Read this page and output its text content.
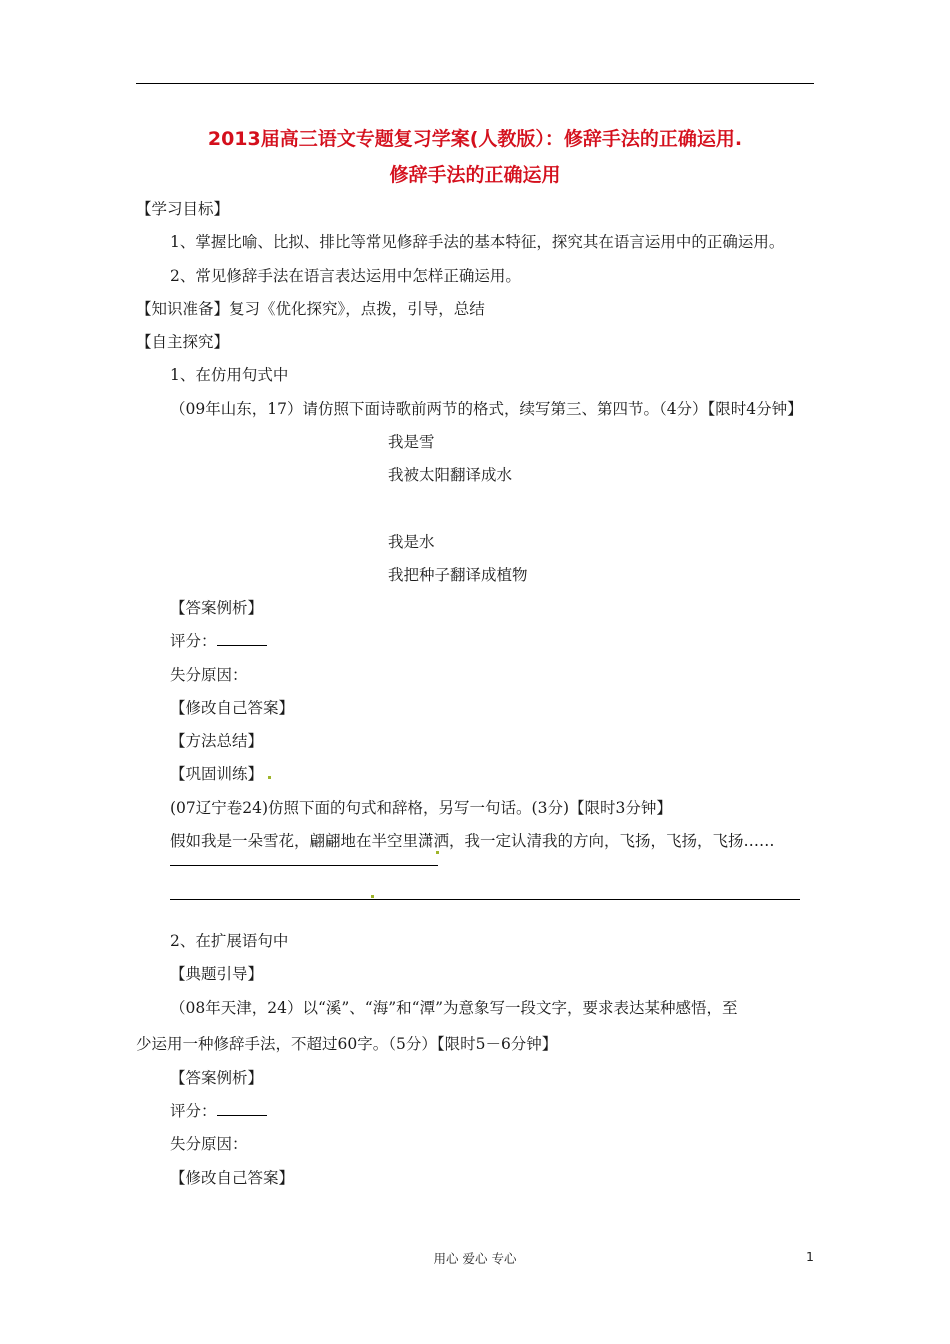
2013届高三语文专题复习学案(人教版）：修辞手法的正确运用.
修辞手法的正确运用
【学习目标】
1、掌握比喻、比拟、排比等常见修辞手法的基本特征，探究其在语言运用中的正确运用。
2、常见修辞手法在语言表达运用中怎样正确运用。
【知识准备】复习《优化探究》，点拨，引导，总结
【自主探究】
1、在仿用句式中
（09年山东，17）请仿照下面诗歌前两节的格式，续写第三、第四节。（4分）【限时4分钟】
我是雪
我被太阳翻译成水
我是水
我把种子翻译成植物
【答案例析】
评分：
失分原因：
【修改自己答案】
【方法总结】
【巩固训练】
(07辽宁卷24)仿照下面的句式和辞格，另写一句话。(3分)【限时3分钟】
假如我是一朵雪花，翩翩地在半空里潇洒，我一定认清我的方向，飞扬，飞扬，飞扬……
2、在扩展语句中
【典题引导】
（08年天津，24）以“溪”、“海”和“潭”为意象写一段文字，要求表达某种感悟，至
少运用一种修辞手法，不超过60字。（5分）【限时5－6分钟】
【答案例析】
评分：
失分原因：
【修改自己答案】
用心 爱心 专心	1
